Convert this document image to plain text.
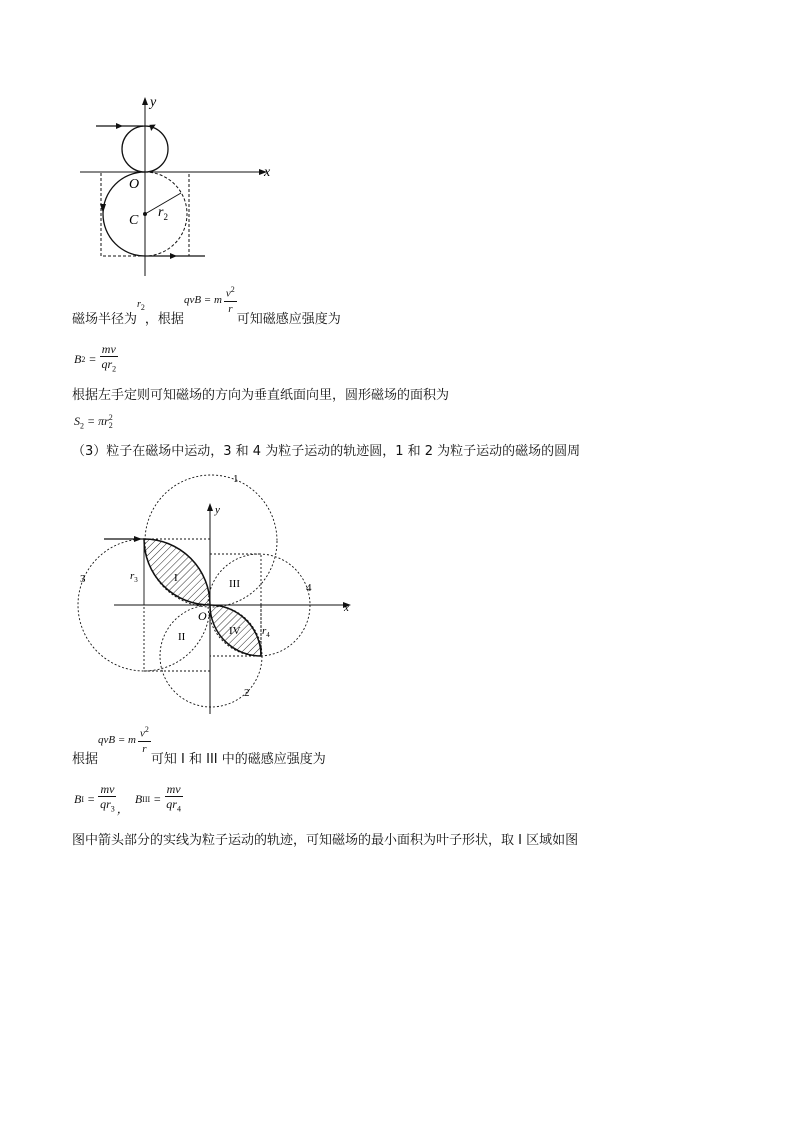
x
y
O
C
$r_2$
磁场半径为
$r_2$
，根据
qvB = m $\frac{v^2}{r}$
可知磁感应强度为
B $2 = \frac{mv}{qr_2}$
根据左手定则可知磁场的方向为垂直纸面向里，圆形磁场的面积为
$S_2 = \pi r$ 2
2
（3）粒子在磁场中运动，3 和 4 为粒子运动的轨迹圆，1 和 2 为粒子运动的磁场的圆周
x
y
O
1
2
3
4
I
II
III
IV
$r_3$
$r_4$
根据
qvB = m $\frac{v^2}{r}$
可知 I 和 III 中的磁感应强度为
B $I = \frac{mv}{qr_3}$ ，
B III = $\frac{mv}{qr_4}$
图中箭头部分的实线为粒子运动的轨迹，可知磁场的最小面积为叶子形状，取 I 区域如图
